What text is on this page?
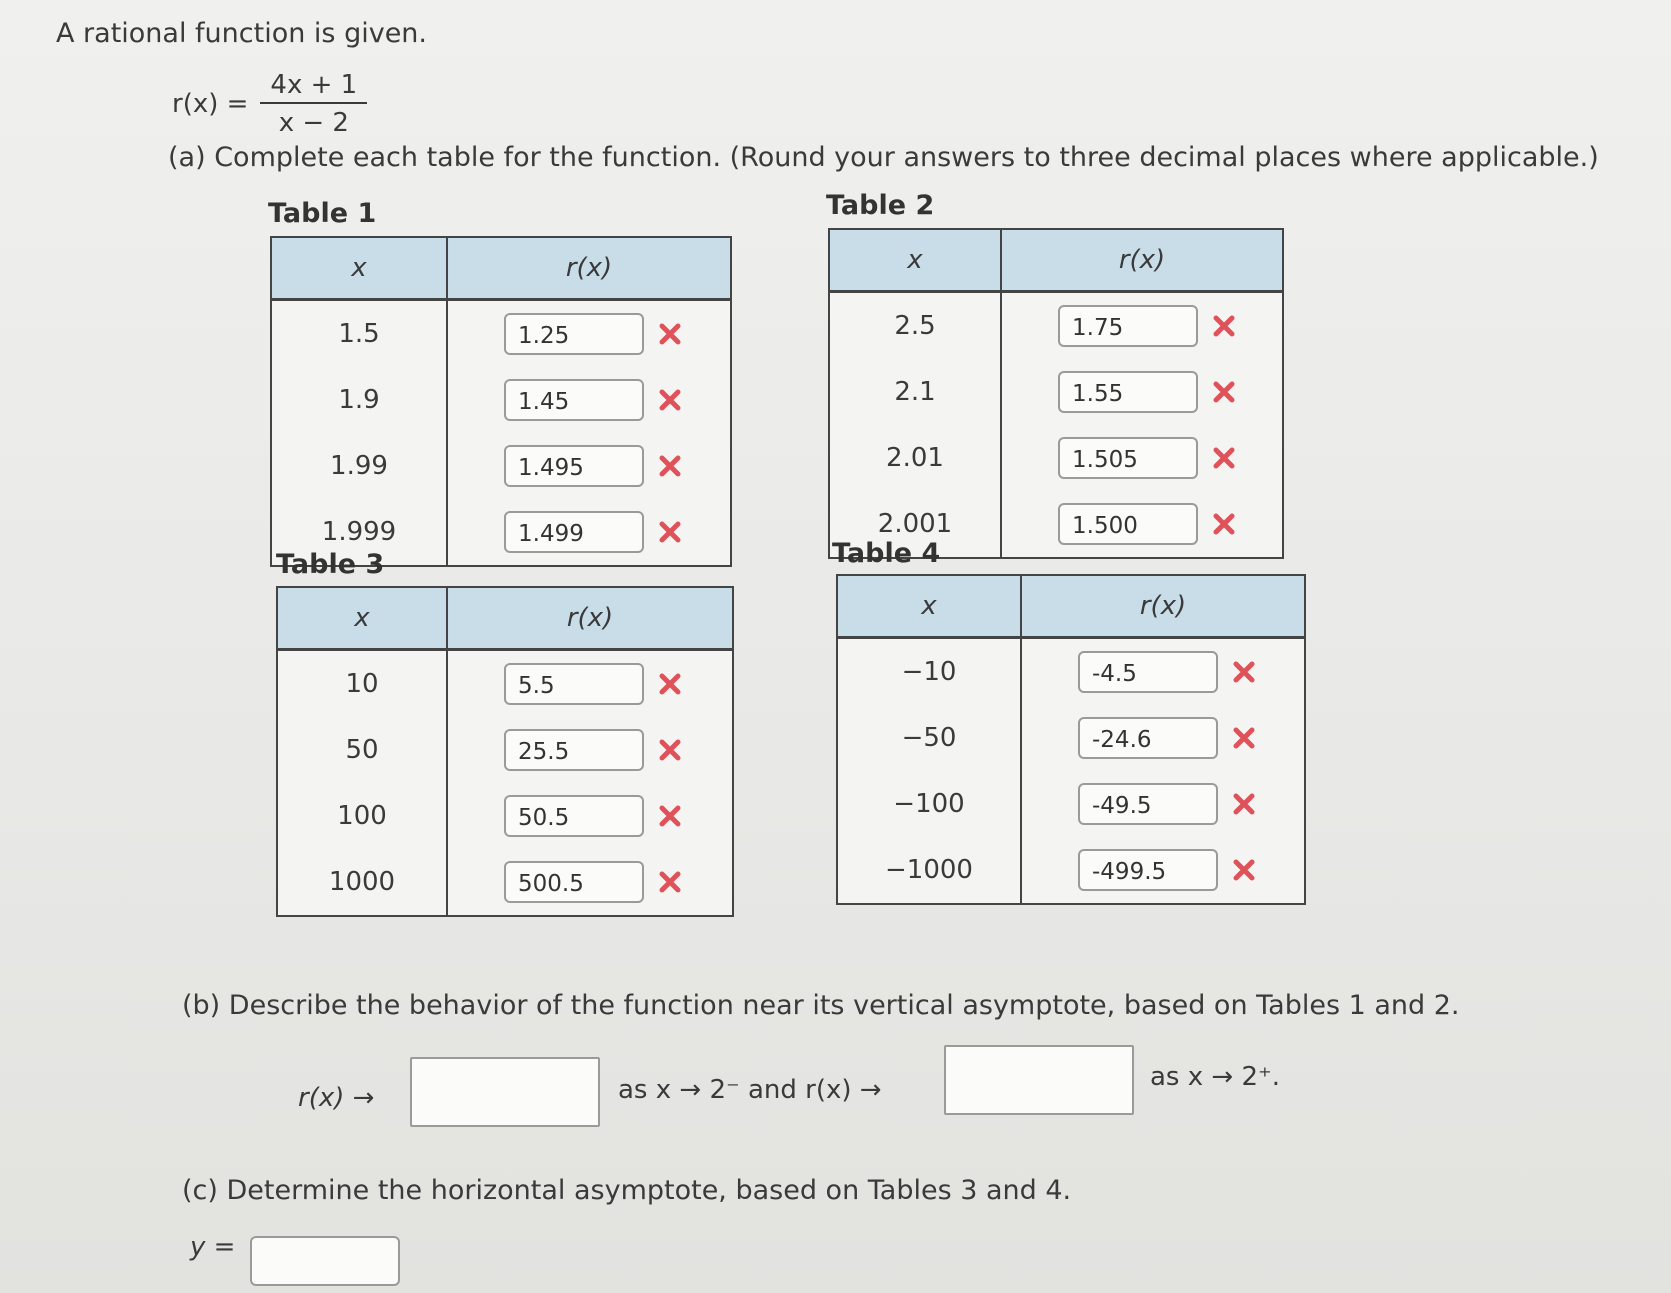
A rational function is given.
$r(x) = \frac{4x + 1}{x - 2}$
(a) Complete each table for the function. (Round your answers to three decimal places where applicable.)
Table 1
x	r(x)
1.5	1.25
1.9	1.45
1.99	1.495
1.999	1.499
Table 2
x	r(x)
2.5	1.75
2.1	1.55
2.01	1.505
2.001	1.500
Table 3
x	r(x)
10	5.5
50	25.5
100	50.5
1000	500.5
Table 4
x	r(x)
−10	-4.5
−50	-24.6
−100	-49.5
−1000	-499.5
(b) Describe the behavior of the function near its vertical asymptote, based on Tables 1 and 2.
r(x) →	as x → 2⁻ and r(x) →	as x → 2⁺.
(c) Determine the horizontal asymptote, based on Tables 3 and 4.
y =
